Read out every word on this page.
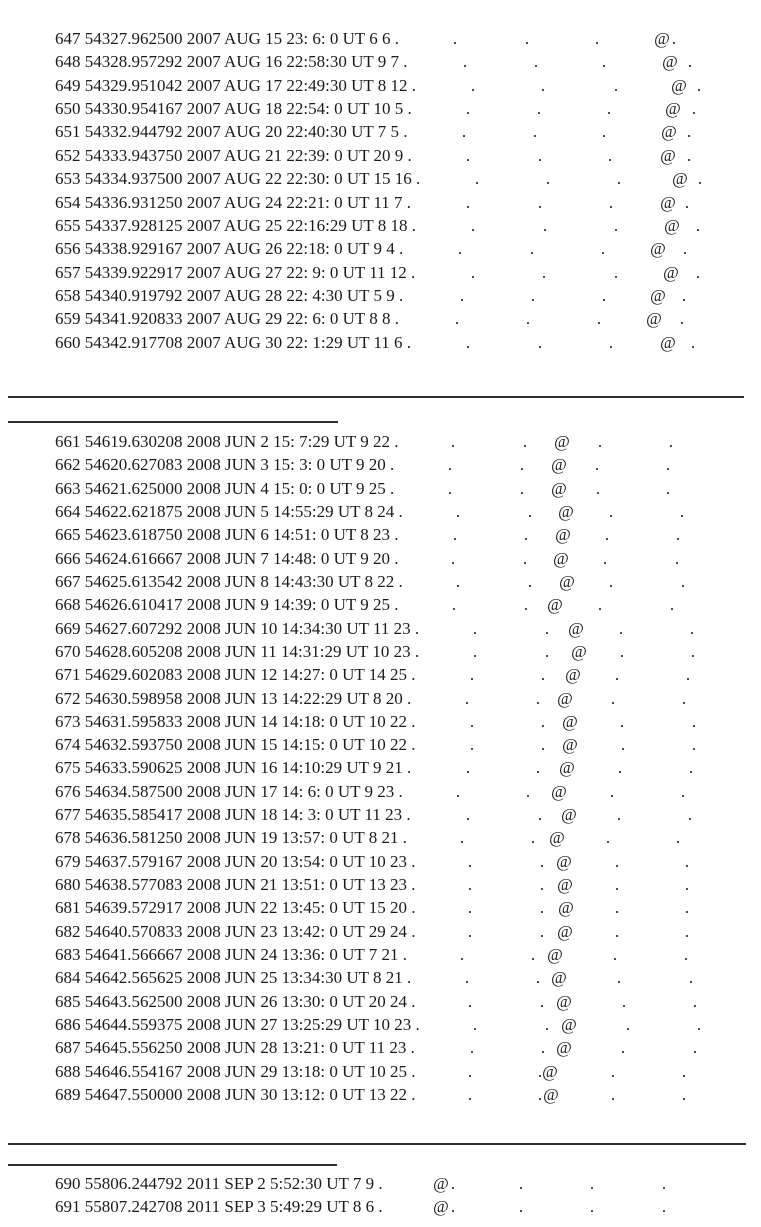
647 54327.962500 2007 AUG 15 23: 6: 0 UT 6 6 .	.	.	.	@ .
648 54328.957292 2007 AUG 16 22:58:30 UT 9 7 .	.	.	.	@ .
649 54329.951042 2007 AUG 17 22:49:30 UT 8 12 .	.	.	.	@ .
650 54330.954167 2007 AUG 18 22:54: 0 UT 10 5 .	.	.	.	@ .
651 54332.944792 2007 AUG 20 22:40:30 UT 7 5 .	.	.	.	@ .
652 54333.943750 2007 AUG 21 22:39: 0 UT 20 9 .	.	.	.	@ .
653 54334.937500 2007 AUG 22 22:30: 0 UT 15 16 .	.	.	.	@ .
654 54336.931250 2007 AUG 24 22:21: 0 UT 11 7 .	.	.	.	@ .
655 54337.928125 2007 AUG 25 22:16:29 UT 8 18 .	.	.	.	@ .
656 54338.929167 2007 AUG 26 22:18: 0 UT 9 4 .	.	.	.	@ .
657 54339.922917 2007 AUG 27 22: 9: 0 UT 11 12 .	.	.	.	@ .
658 54340.919792 2007 AUG 28 22: 4:30 UT 5 9 .	.	.	.	@ .
659 54341.920833 2007 AUG 29 22: 6: 0 UT 8 8 .	.	.	.	@ .
660 54342.917708 2007 AUG 30 22: 1:29 UT 11 6 .	.	.	.	@ .
661 54619.630208 2008 JUN 2 15: 7:29 UT 9 22 .	.	. @ .	.
662 54620.627083 2008 JUN 3 15: 3: 0 UT 9 20 .	.	. @ .	.
663 54621.625000 2008 JUN 4 15: 0: 0 UT 9 25 .	.	. @ .	.
664 54622.621875 2008 JUN 5 14:55:29 UT 8 24 .	.	. @ .	.
665 54623.618750 2008 JUN 6 14:51: 0 UT 8 23 .	.	. @ .	.
666 54624.616667 2008 JUN 7 14:48: 0 UT 9 20 .	.	. @ .	.
667 54625.613542 2008 JUN 8 14:43:30 UT 8 22 .	.	. @ .	.
668 54626.610417 2008 JUN 9 14:39: 0 UT 9 25 .	.	. @ .	.
669 54627.607292 2008 JUN 10 14:34:30 UT 11 23 .	.	. @ .	.
670 54628.605208 2008 JUN 11 14:31:29 UT 10 23 .	.	. @ .	.
671 54629.602083 2008 JUN 12 14:27: 0 UT 14 25 .	.	. @ .	.
672 54630.598958 2008 JUN 13 14:22:29 UT 8 20 .	.	. @ .	.
673 54631.595833 2008 JUN 14 14:18: 0 UT 10 22 .	.	. @ .	.
674 54632.593750 2008 JUN 15 14:15: 0 UT 10 22 .	.	. @	.	.
675 54633.590625 2008 JUN 16 14:10:29 UT 9 21 .	.	. @	.	.
676 54634.587500 2008 JUN 17 14: 6: 0 UT 9 23 .	.	. @	.	.
677 54635.585417 2008 JUN 18 14: 3: 0 UT 11 23 .	.	. @ .	.
678 54636.581250 2008 JUN 19 13:57: 0 UT 8 21 .	.	. @ .	.
679 54637.579167 2008 JUN 20 13:54: 0 UT 10 23 .	.	. @	.	.
680 54638.577083 2008 JUN 21 13:51: 0 UT 13 23 .	.	. @ .	.
681 54639.572917 2008 JUN 22 13:45: 0 UT 15 20 .	.	. @ .	.
682 54640.570833 2008 JUN 23 13:42: 0 UT 29 24 .	.	. @ .	.
683 54641.566667 2008 JUN 24 13:36: 0 UT 7 21 .	.	. @	.	.
684 54642.565625 2008 JUN 25 13:34:30 UT 8 21 .	.	. @	.	.
685 54643.562500 2008 JUN 26 13:30: 0 UT 20 24 .	.	. @	.	.
686 54644.559375 2008 JUN 27 13:25:29 UT 10 23 .	.	. @	.	.
687 54645.556250 2008 JUN 28 13:21: 0 UT 11 23 .	.	. @	.	.
688 54646.554167 2008 JUN 29 13:18: 0 UT 10 25 .	.	. @	.	.
689 54647.550000 2008 JUN 30 13:12: 0 UT 13 22 .	.	. @	.	.
690 55806.244792 2011 SEP 2 5:52:30 UT 7 9 .	@ .	.	.	.
691 55807.242708 2011 SEP 3 5:49:29 UT 8 6 .	@ .	.	.	.
